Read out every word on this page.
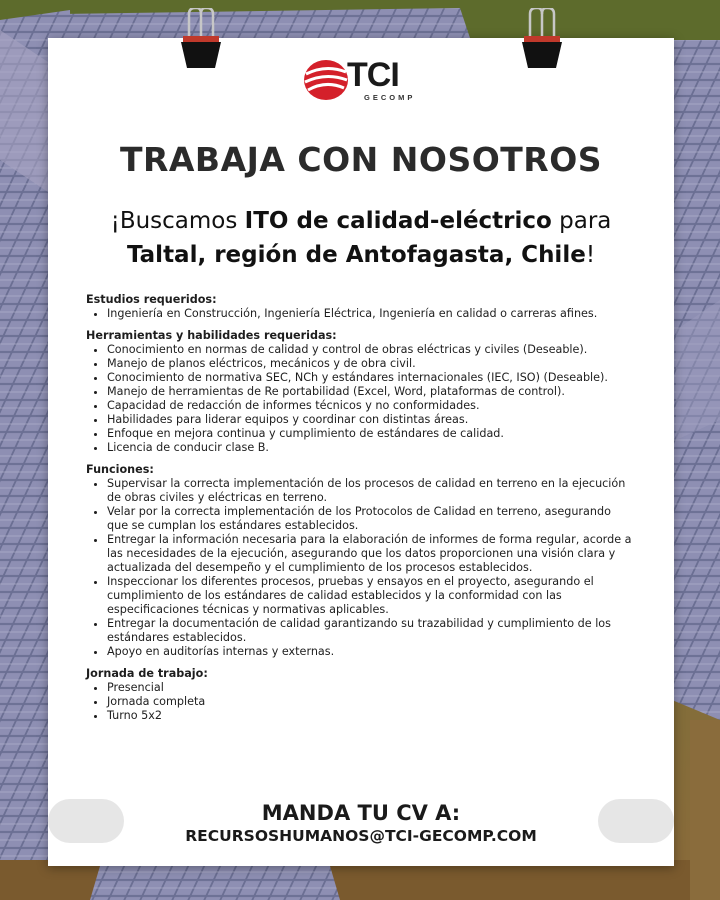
TCI
GECOMP
TRABAJA CON NOSOTROS
¡Buscamos ITO de calidad-eléctrico para
Taltal, región de Antofagasta, Chile!

Estudios requeridos:

• Ingeniería en Construcción, Ingeniería Eléctrica, Ingeniería en calidad o carreras afines.

Herramientas y habilidades requeridas:

• Conocimiento en normas de calidad y control de obras eléctricas y civiles (Deseable).
• Manejo de planos eléctricos, mecánicos y de obra civil.
• Conocimiento de normativa SEC, NCh y estándares internacionales (IEC, ISO) (Deseable).
• Manejo de herramientas de Re portabilidad (Excel, Word, plataformas de control).
• Capacidad de redacción de informes técnicos y no conformidades.
• Habilidades para liderar equipos y coordinar con distintas áreas.
• Enfoque en mejora continua y cumplimiento de estándares de calidad.
• Licencia de conducir clase B.

Funciones:

• Supervisar la correcta implementación de los procesos de calidad en terreno en la ejecución de obras civiles y eléctricas en terreno.
• Velar por la correcta implementación de los Protocolos de Calidad en terreno, asegurando que se cumplan los estándares establecidos.
• Entregar la información necesaria para la elaboración de informes de forma regular, acorde a las necesidades de la ejecución, asegurando que los datos proporcionen una visión clara y actualizada del desempeño y el cumplimiento de los procesos establecidos.
• Inspeccionar los diferentes procesos, pruebas y ensayos en el proyecto, asegurando el cumplimiento de los estándares de calidad establecidos y la conformidad con las especificaciones técnicas y normativas aplicables.
• Entregar la documentación de calidad garantizando su trazabilidad y cumplimiento de los estándares establecidos.
• Apoyo en auditorías internas y externas.

Jornada de trabajo:

• Presencial
• Jornada completa
• Turno 5x2
MANDA TU CV A:
RECURSOSHUMANOS@TCI-GECOMP.COM
